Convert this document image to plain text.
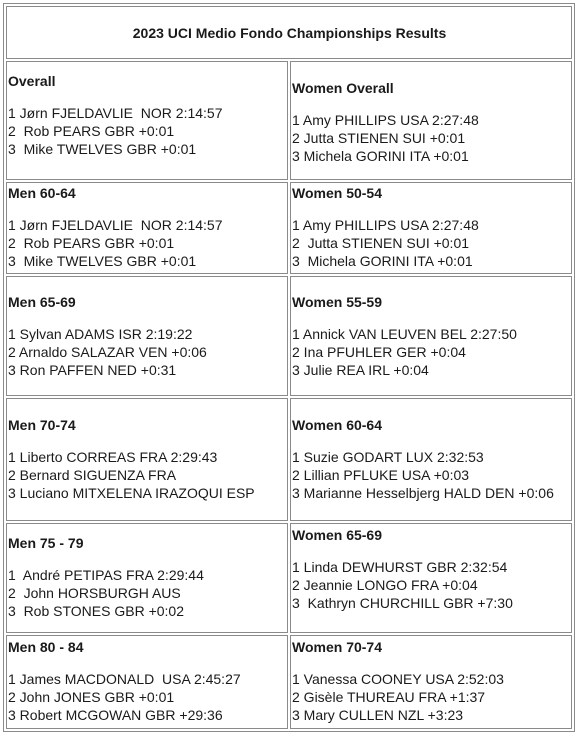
2023 UCI Medio Fondo Championships Results	

Overall
1 Jørn FJELDAVLIE  NOR 2:14:57
2  Rob PEARS GBR +0:01
3  Mike TWELVES GBR +0:01	Women Overall
1 Amy PHILLIPS USA 2:27:48
2 Jutta STIENEN SUI +0:01
3 Michela GORINI ITA +0:01

Men 60-64
1 Jørn FJELDAVLIE  NOR 2:14:57
2  Rob PEARS GBR +0:01
3  Mike TWELVES GBR +0:01	Women 50-54
1 Amy PHILLIPS USA 2:27:48
2  Jutta STIENEN SUI +0:01
3  Michela GORINI ITA +0:01

Men 65-69
1 Sylvan ADAMS ISR 2:19:22
2 Arnaldo SALAZAR VEN +0:06
3 Ron PAFFEN NED +0:31	Women 55-59
1 Annick VAN LEUVEN BEL 2:27:50
2 Ina PFUHLER GER +0:04
3 Julie REA IRL +0:04

Men 70-74
1 Liberto CORREAS FRA 2:29:43
2 Bernard SIGUENZA FRA
3 Luciano MITXELENA IRAZOQUI ESP	Women 60-64
1 Suzie GODART LUX 2:32:53
2 Lillian PFLUKE USA +0:03
3 Marianne Hesselbjerg HALD DEN +0:06

Men 75 - 79
1  André PETIPAS FRA 2:29:44
2  John HORSBURGH AUS
3  Rob STONES GBR +0:02	Women 65-69
1 Linda DEWHURST GBR 2:32:54
2 Jeannie LONGO FRA +0:04
3  Kathryn CHURCHILL GBR +7:30

Men 80 - 84
1 James MACDONALD  USA 2:45:27
2 John JONES GBR +0:01
3 Robert MCGOWAN GBR +29:36	Women 70-74
1 Vanessa COONEY USA 2:52:03
2 Gisèle THUREAU FRA +1:37
3 Mary CULLEN NZL +3:23
